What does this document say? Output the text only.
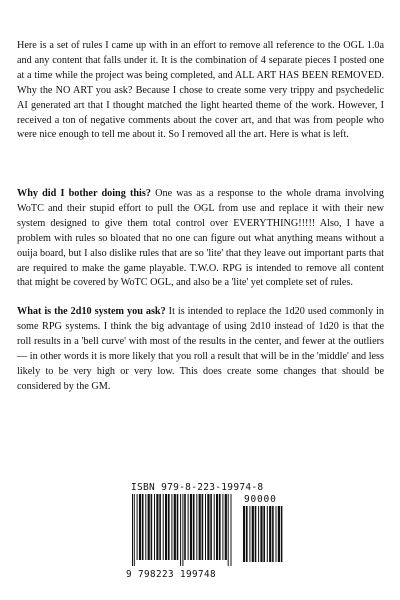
Here is a set of rules I came up with in an effort to remove all reference to the OGL 1.0a and any content that falls under it. It is the combination of 4 separate pieces I posted one at a time while the project was being completed, and ALL ART HAS BEEN REMOVED. Why the NO ART you ask? Because I chose to create some very trippy and psychedelic AI generated art that I thought matched the light hearted theme of the work. However, I received a ton of negative comments about the cover art, and that was from people who were nice enough to tell me about it. So I removed all the art. Here is what is left.

Why did I bother doing this? One was as a response to the whole drama involving WoTC and their stupid effort to pull the OGL from use and replace it with their new system designed to give them total control over EVERYTHING!!!!! Also, I have a problem with rules so bloated that no one can figure out what anything means without a ouija board, but I also dislike rules that are so 'lite' that they leave out important parts that are required to make the game playable. T.W.O. RPG is intended to remove all content that might be covered by WoTC OGL, and also be a 'lite' yet complete set of rules.

What is the 2d10 system you ask? It is intended to replace the 1d20 used commonly in some RPG systems. I think the big advantage of using 2d10 instead of 1d20 is that the roll results in a 'bell curve' with most of the results in the center, and fewer at the outliers — in other words it is more likely that you roll a result that will be in the 'middle' and less likely to be very high or very low. This does create some changes that should be considered by the GM.

ISBN 979-8-223-19974-8
90000
9 798223 199748
